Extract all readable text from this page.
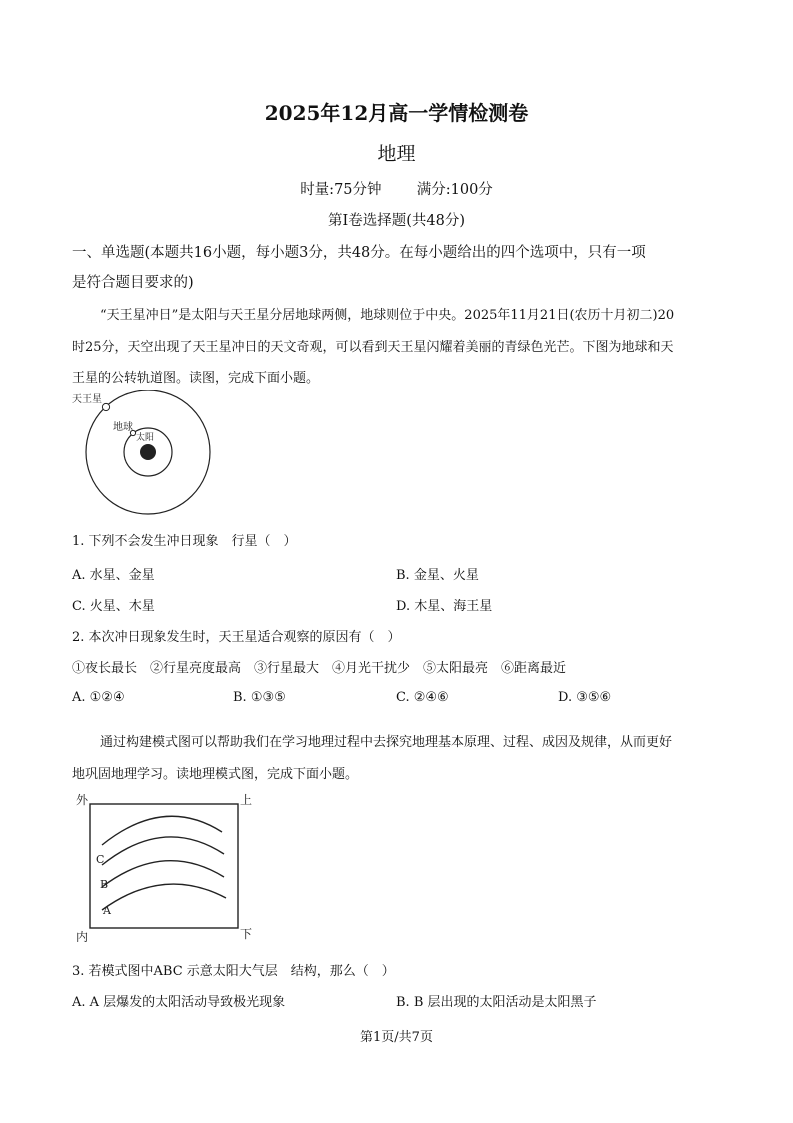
2025年12月高一学情检测卷
地理
时量:75分钟 满分:100分
第Ⅰ卷选择题(共48分)
一、单选题(本题共16小题，每小题3分，共48分。在每小题给出的四个选项中，只有一项
是符合题目要求的)
“天王星冲日”是太阳与天王星分居地球两侧，地球则位于中央。2025年11月21日(农历十月初二)20
时25分，天空出现了天王星冲日的天文奇观，可以看到天王星闪耀着美丽的青绿色光芒。下图为地球和天
王星的公转轨道图。读图，完成下面小题。
天王星
地球
太阳
1. 下列不会发生冲日现象　行星（　）
A. 水星、金星	B. 金星、火星
C. 火星、木星	D. 木星、海王星
2. 本次冲日现象发生时，天王星适合观察的原因有（　）
①夜长最长　②行星亮度最高　③行星最大　④月光干扰少　⑤太阳最亮　⑥距离最近
A. ①②④	B. ①③⑤	C. ②④⑥	D. ③⑤⑥
通过构建模式图可以帮助我们在学习地理过程中去探究地理基本原理、过程、成因及规律，从而更好
地巩固地理学习。读地理模式图，完成下面小题。
外	上
内	下
C
B
A
3. 若模式图中ABC 示意太阳大气层　结构，那么（　）
A. A 层爆发的太阳活动导致极光现象	B. B 层出现的太阳活动是太阳黑子
第1页/共7页
